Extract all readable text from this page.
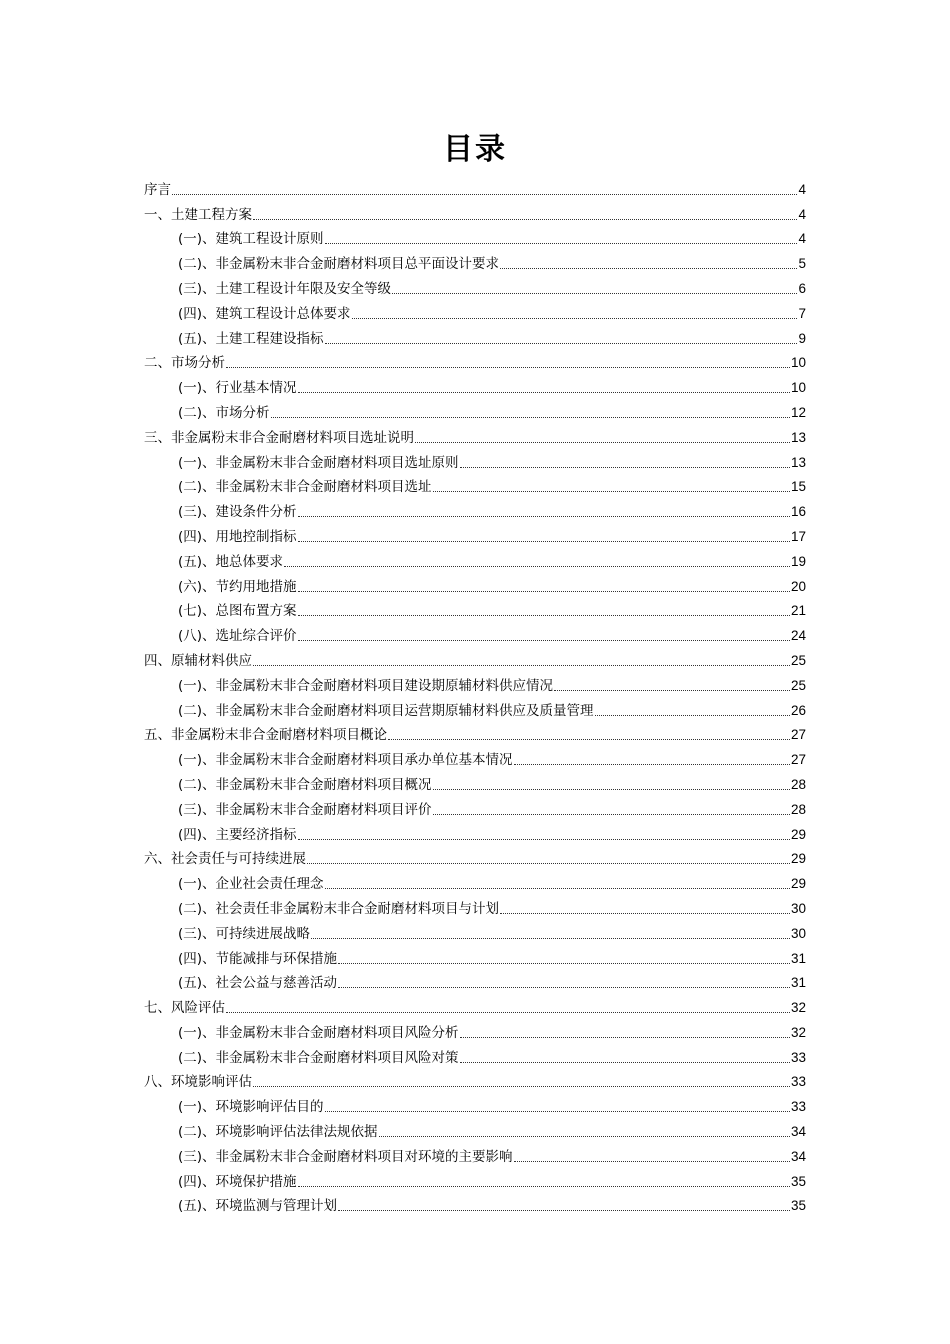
目录
序言	4
一、土建工程方案	4
(一)、建筑工程设计原则	4
(二)、非金属粉末非合金耐磨材料项目总平面设计要求	5
(三)、土建工程设计年限及安全等级	6
(四)、建筑工程设计总体要求	7
(五)、土建工程建设指标	9
二、市场分析	10
(一)、行业基本情况	10
(二)、市场分析	12
三、非金属粉末非合金耐磨材料项目选址说明	13
(一)、非金属粉末非合金耐磨材料项目选址原则	13
(二)、非金属粉末非合金耐磨材料项目选址	15
(三)、建设条件分析	16
(四)、用地控制指标	17
(五)、地总体要求	19
(六)、节约用地措施	20
(七)、总图布置方案	21
(八)、选址综合评价	24
四、原辅材料供应	25
(一)、非金属粉末非合金耐磨材料项目建设期原辅材料供应情况	25
(二)、非金属粉末非合金耐磨材料项目运营期原辅材料供应及质量管理	26
五、非金属粉末非合金耐磨材料项目概论	27
(一)、非金属粉末非合金耐磨材料项目承办单位基本情况	27
(二)、非金属粉末非合金耐磨材料项目概况	28
(三)、非金属粉末非合金耐磨材料项目评价	28
(四)、主要经济指标	29
六、社会责任与可持续进展	29
(一)、企业社会责任理念	29
(二)、社会责任非金属粉末非合金耐磨材料项目与计划	30
(三)、可持续进展战略	30
(四)、节能减排与环保措施	31
(五)、社会公益与慈善活动	31
七、风险评估	32
(一)、非金属粉末非合金耐磨材料项目风险分析	32
(二)、非金属粉末非合金耐磨材料项目风险对策	33
八、环境影响评估	33
(一)、环境影响评估目的	33
(二)、环境影响评估法律法规依据	34
(三)、非金属粉末非合金耐磨材料项目对环境的主要影响	34
(四)、环境保护措施	35
(五)、环境监测与管理计划	35
